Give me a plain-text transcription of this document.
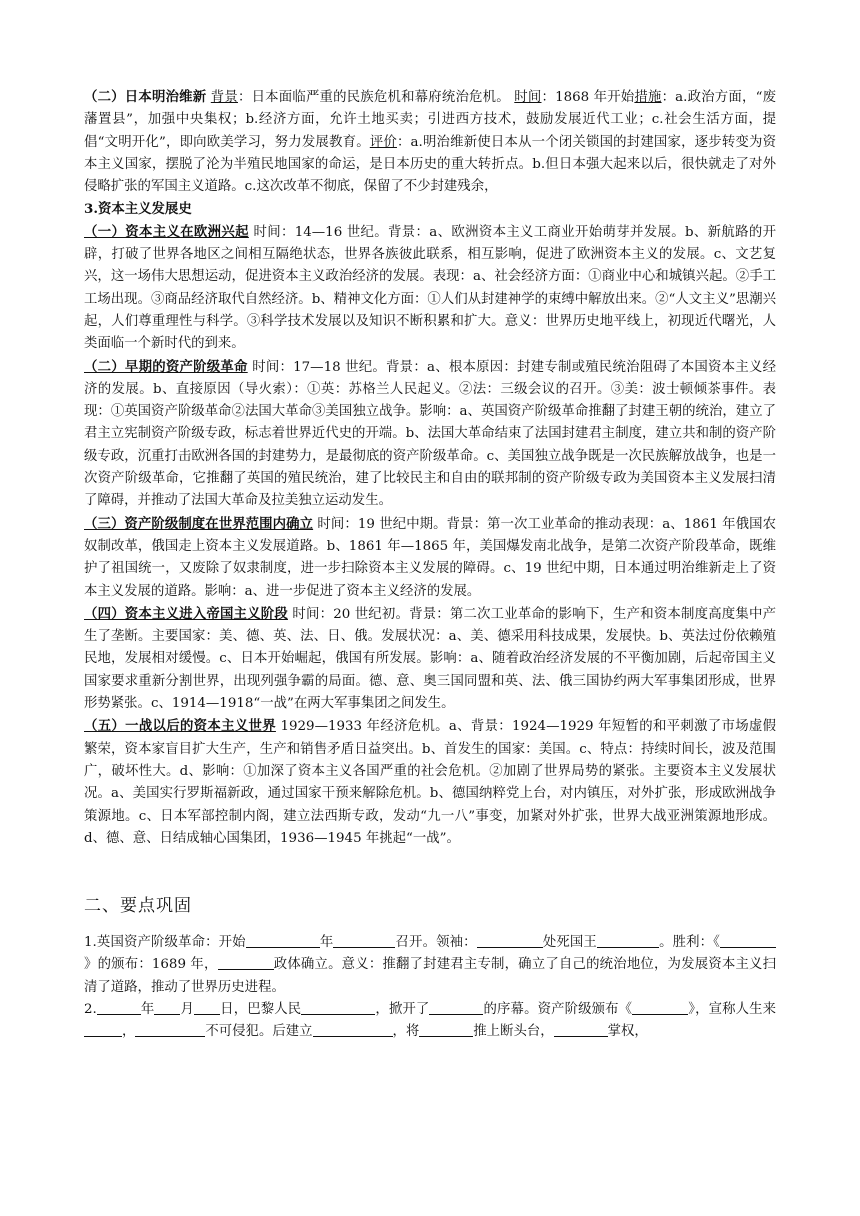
（二）日本明治维新 背景：日本面临严重的民族危机和幕府统治危机。 时间：1868 年开始措施：a.政治方面，“废藩置县”，加强中央集权；b.经济方面，允许土地买卖；引进西方技术，鼓励发展近代工业；c.社会生活方面，提倡“文明开化”，即向欧美学习，努力发展教育。评价：a.明治维新使日本从一个闭关锁国的封建国家，逐步转变为资本主义国家，摆脱了沦为半殖民地国家的命运，是日本历史的重大转折点。b.但日本强大起来以后，很快就走了对外侵略扩张的军国主义道路。c.这次改革不彻底，保留了不少封建残余，

3.资本主义发展史

（一）资本主义在欧洲兴起 时间：14—16 世纪。背景：a、欧洲资本主义工商业开始萌芽并发展。b、新航路的开辟，打破了世界各地区之间相互隔绝状态，世界各族彼此联系，相互影响，促进了欧洲资本主义的发展。c、文艺复兴，这一场伟大思想运动，促进资本主义政治经济的发展。表现：a、社会经济方面：①商业中心和城镇兴起。②手工工场出现。③商品经济取代自然经济。b、精神文化方面：①人们从封建神学的束缚中解放出来。②“人文主义”思潮兴起，人们尊重理性与科学。③科学技术发展以及知识不断积累和扩大。意义：世界历史地平线上，初现近代曙光，人类面临一个新时代的到来。

（二）早期的资产阶级革命 时间：17—18 世纪。背景：a、根本原因：封建专制或殖民统治阻碍了本国资本主义经济的发展。b、直接原因（导火索）：①英：苏格兰人民起义。②法：三级会议的召开。③美：波士顿倾茶事件。表现：①英国资产阶级革命②法国大革命③美国独立战争。影响：a、英国资产阶级革命推翻了封建王朝的统治，建立了君主立宪制资产阶级专政，标志着世界近代史的开端。b、法国大革命结束了法国封建君主制度，建立共和制的资产阶级专政，沉重打击欧洲各国的封建势力，是最彻底的资产阶级革命。c、美国独立战争既是一次民族解放战争，也是一次资产阶级革命，它推翻了英国的殖民统治，建了比较民主和自由的联邦制的资产阶级专政为美国资本主义发展扫清了障碍，并推动了法国大革命及拉美独立运动发生。

（三）资产阶级制度在世界范围内确立 时间：19 世纪中期。背景：第一次工业革命的推动表现：a、1861 年俄国农奴制改革，俄国走上资本主义发展道路。b、1861 年—1865 年，美国爆发南北战争，是第二次资产阶段革命，既维护了祖国统一，又废除了奴隶制度，进一步扫除资本主义发展的障碍。c、19 世纪中期，日本通过明治维新走上了资本主义发展的道路。影响：a、进一步促进了资本主义经济的发展。

（四）资本主义进入帝国主义阶段 时间：20 世纪初。背景：第二次工业革命的影响下，生产和资本制度高度集中产生了垄断。主要国家：美、德、英、法、日、俄。发展状况：a、美、德采用科技成果，发展快。b、英法过份依赖殖民地，发展相对缓慢。c、日本开始崛起，俄国有所发展。影响：a、随着政治经济发展的不平衡加剧，后起帝国主义国家要求重新分割世界，出现列强争霸的局面。德、意、奥三国同盟和英、法、俄三国协约两大军事集团形成，世界形势紧张。c、1914—1918“一战”在两大军事集团之间发生。

（五）一战以后的资本主义世界 1929—1933 年经济危机。a、背景：1924—1929 年短暂的和平刺激了市场虚假繁荣，资本家盲目扩大生产，生产和销售矛盾日益突出。b、首发生的国家：美国。c、特点：持续时间长，波及范围广，破坏性大。d、影响：①加深了资本主义各国严重的社会危机。②加剧了世界局势的紧张。主要资本主义发展状况。a、美国实行罗斯福新政，通过国家干预来解除危机。b、德国纳粹党上台，对内镇压，对外扩张，形成欧洲战争策源地。c、日本军部控制内阁，建立法西斯专政，发动“九一八”事变，加紧对外扩张，世界大战亚洲策源地形成。d、德、意、日结成轴心国集团，1936—1945 年挑起“一战”。

二、要点巩固

1.英国资产阶级革命：开始	年	召开。领袖：	处死国王	。胜利：《》的颁布：1689 年，	政体确立。意义：推翻了封建君主专制，确立了自己的统治地位，为发展资本主义扫清了道路，推动了世界历史进程。

2.	年 月 日，巴黎人民	，掀开了	的序幕。资产阶级颁布《	》，宣称人生来，	不可侵犯。后建立	，将	推上断头台，	掌权，
